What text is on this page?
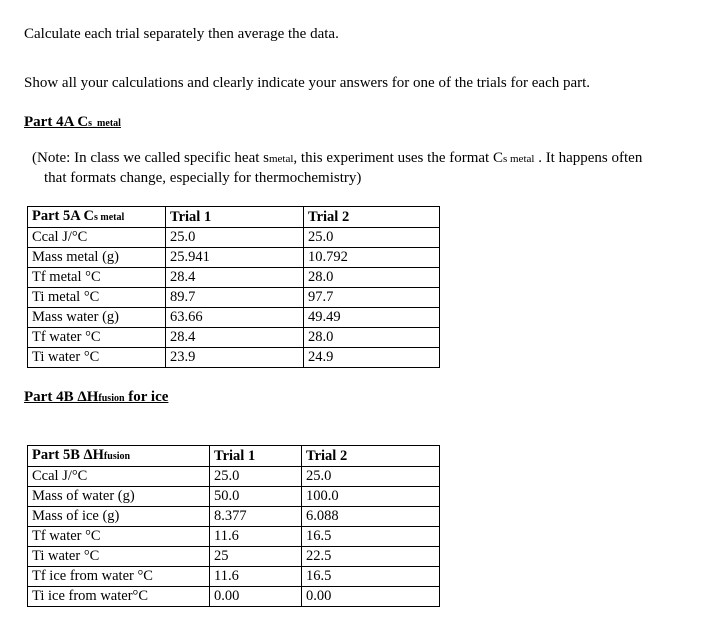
Calculate each trial separately then average the data.
Show all your calculations and clearly indicate your answers for one of the trials for each part.
Part 4A Cs_metal
(Note: In class we called specific heat smetal, this experiment uses the format Cs metal . It happens often
that formats change, especially for thermochemistry)
Part 5A Cs metal	Trial 1	Trial 2
Ccal J/°C	25.0	25.0
Mass metal (g)	25.941	10.792
Tf metal °C	28.4	28.0
Ti metal °C	89.7	97.7
Mass water (g)	63.66	49.49
Tf water °C	28.4	28.0
Ti water °C	23.9	24.9
Part 4B ΔHfusion for ice
Part 5B ΔHfusion	Trial 1	Trial 2
Ccal J/°C	25.0	25.0
Mass of water (g)	50.0	100.0
Mass of ice (g)	8.377	6.088
Tf water °C	11.6	16.5
Ti water °C	25	22.5
Tf ice from water °C	11.6	16.5
Ti ice from water°C	0.00	0.00
